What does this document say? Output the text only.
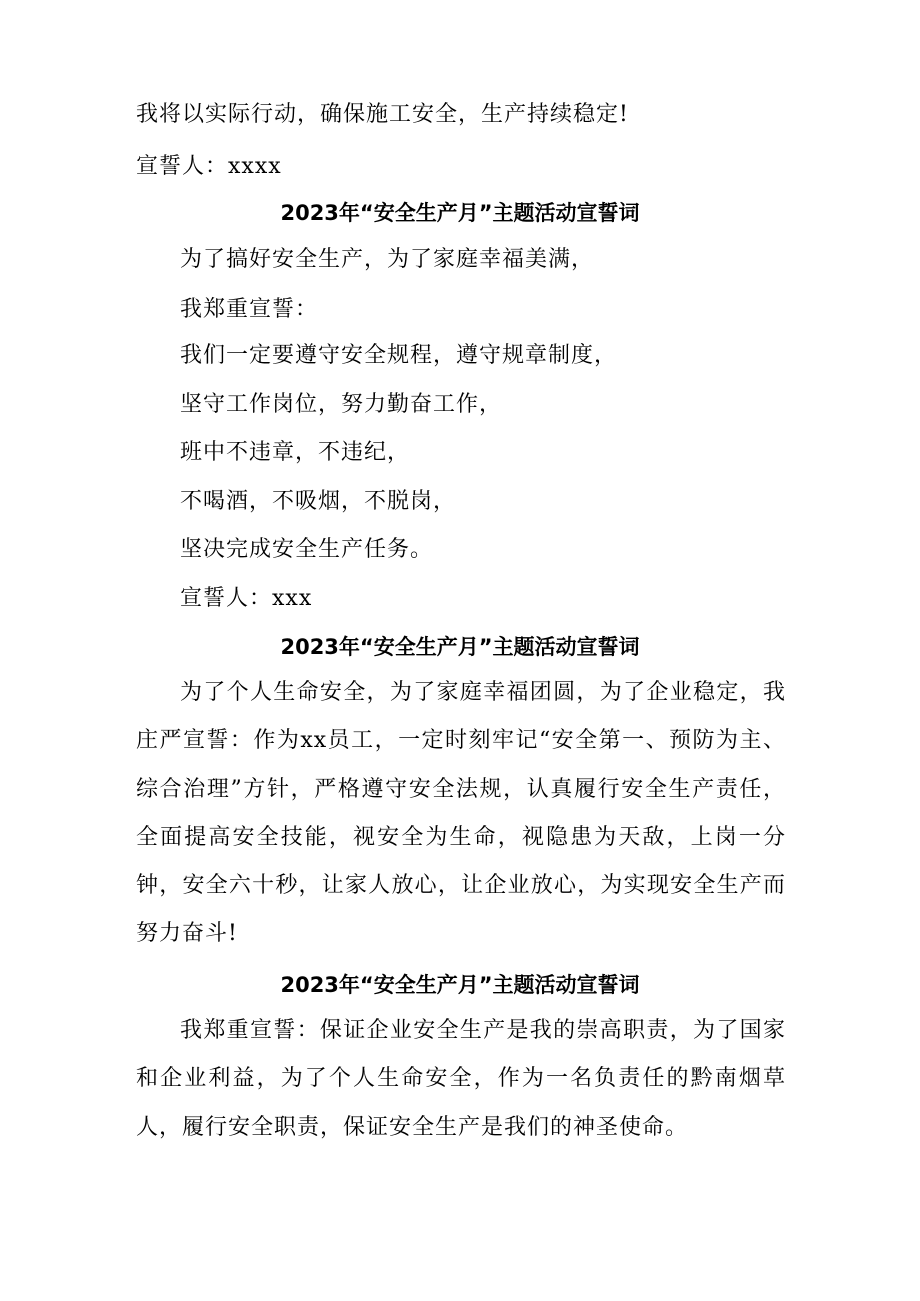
我将以实际行动，确保施工安全，生产持续稳定!
宣誓人：xxxx
2023年“安全生产月”主题活动宣誓词
为了搞好安全生产，为了家庭幸福美满，
我郑重宣誓：
我们一定要遵守安全规程，遵守规章制度，
坚守工作岗位，努力勤奋工作，
班中不违章，不违纪，
不喝酒，不吸烟，不脱岗，
坚决完成安全生产任务。
宣誓人：xxx
2023年“安全生产月”主题活动宣誓词
为了个人生命安全，为了家庭幸福团圆，为了企业稳定，我庄严宣誓：作为xx员工，一定时刻牢记“安全第一、预防为主、综合治理”方针，严格遵守安全法规，认真履行安全生产责任，全面提高安全技能，视安全为生命，视隐患为天敌，上岗一分钟，安全六十秒，让家人放心，让企业放心，为实现安全生产而努力奋斗!
2023年“安全生产月”主题活动宣誓词
我郑重宣誓：保证企业安全生产是我的崇高职责，为了国家和企业利益，为了个人生命安全，作为一名负责任的黔南烟草人，履行安全职责，保证安全生产是我们的神圣使命。
